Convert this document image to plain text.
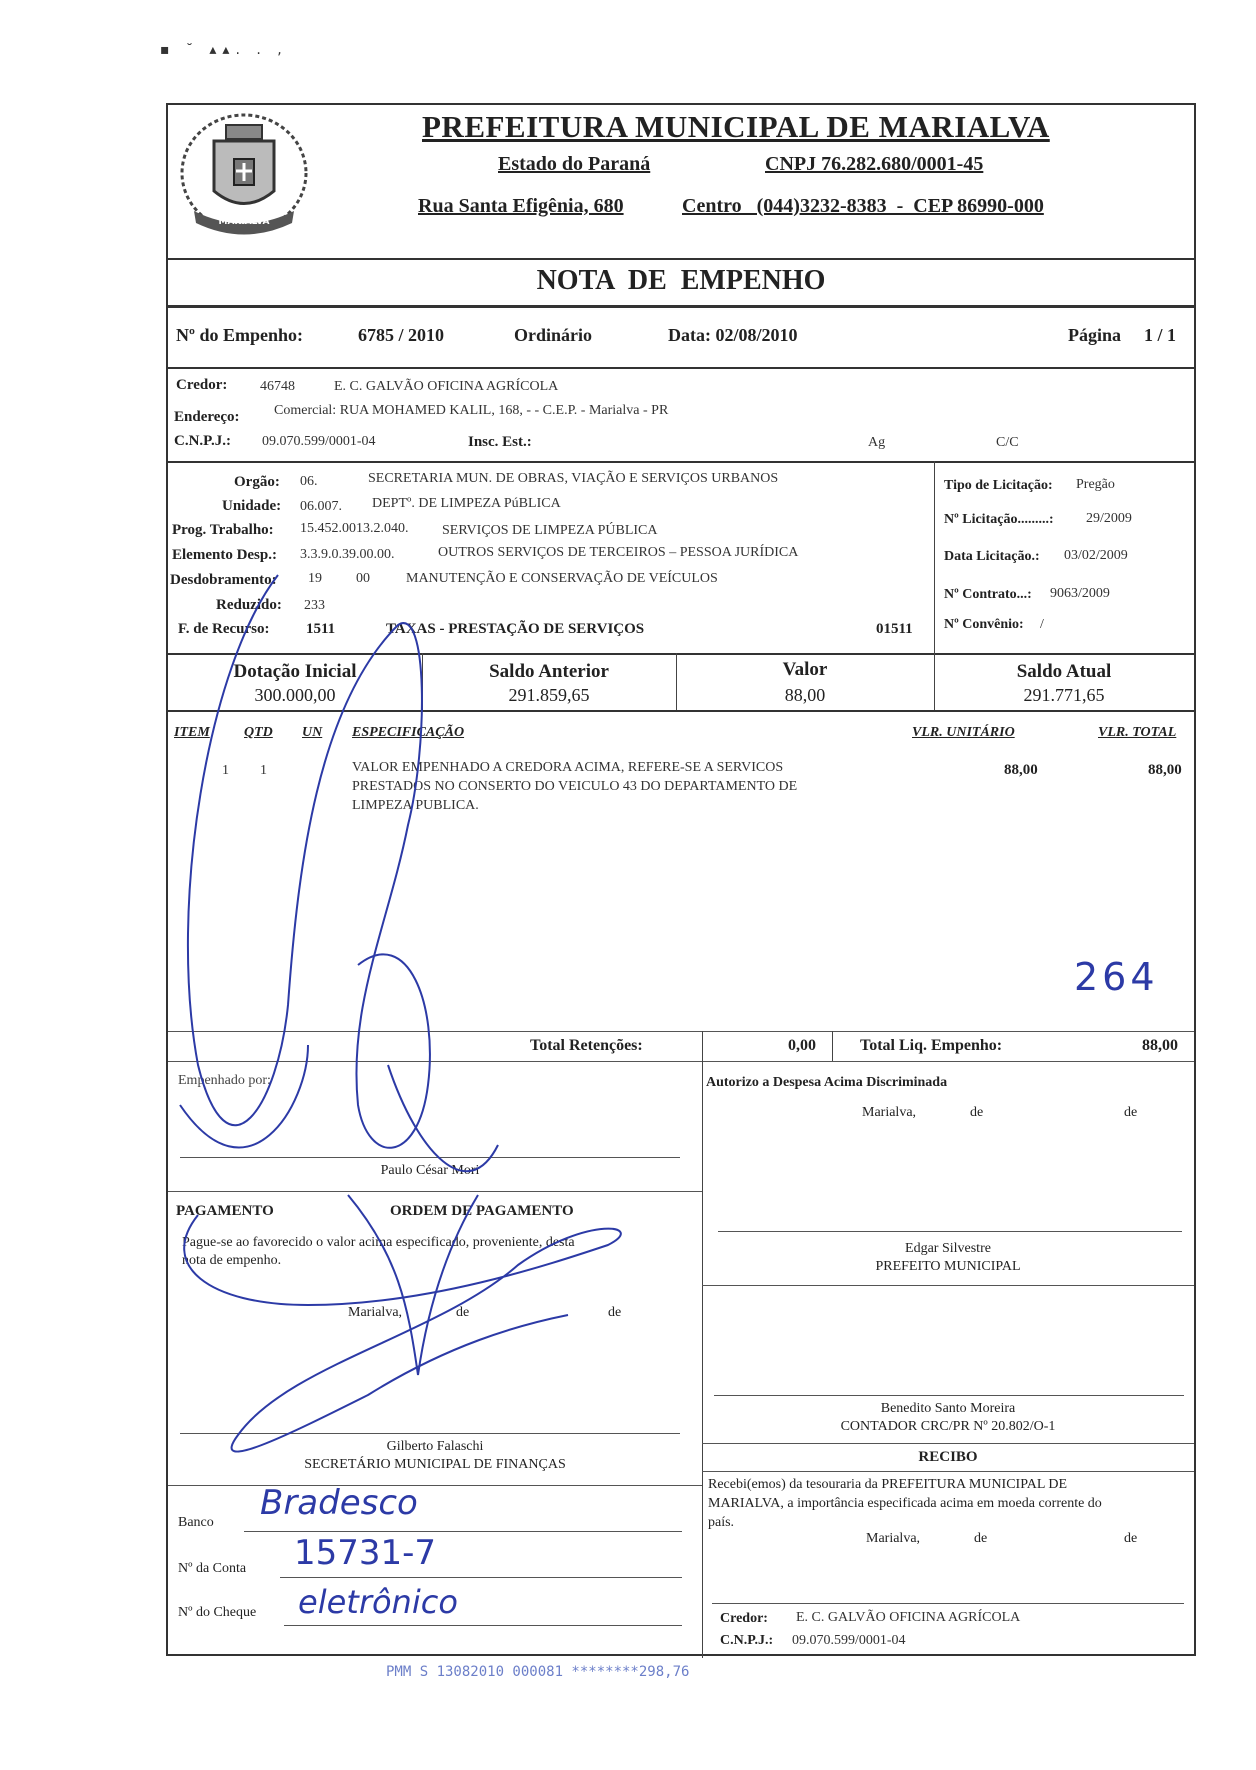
▪ ˘ ▴▴. . ,
MARIALVA
PREFEITURA MUNICIPAL DE MARIALVA
Estado do Paraná	CNPJ 76.282.680/0001-45
Rua Santa Efigênia, 680	Centro   (044)3232-8383  -  CEP 86990-000
NOTA  DE  EMPENHO
Nº do Empenho:	6785 / 2010	Ordinário	Data: 02/08/2010	Página 1 / 1
Credor: 46748	E. C. GALVÃO OFICINA AGRÍCOLA
Endereço: Comercial: RUA MOHAMED KALIL, 168, - - C.E.P. - Marialva - PR
C.N.P.J.: 09.070.599/0001-04	Insc. Est.:	Ag	C/C
Orgão: 06.	SECRETARIA MUN. DE OBRAS, VIAÇÃO E SERVIÇOS URBANOS
Unidade: 06.007. DEPTº. DE LIMPEZA PúBLICA
Prog. Trabalho: 15.452.0013.2.040. SERVIÇOS DE LIMPEZA PÚBLICA
Elemento Desp.: 3.3.9.0.39.00.00.	OUTROS SERVIÇOS DE TERCEIROS – PESSOA JURÍDICA
Desdobramento: 19 00	MANUTENÇÃO E CONSERVAÇÃO DE VEÍCULOS
Reduzido: 233
F. de Recurso: 1511	TAXAS - PRESTAÇÃO DE SERVIÇOS	01511
Tipo de Licitação: Pregão
Nº Licitação.........: 29/2009
Data Licitação.: 03/02/2009
Nº Contrato...: 9063/2009
Nº Convênio: /
Dotação Inicial
300.000,00
Saldo Anterior
291.859,65
Valor
88,00
Saldo Atual
291.771,65
ITEM QTD UN ESPECIFICAÇÃO	VLR. UNITÁRIO	VLR. TOTAL
1 1	VALOR EMPENHADO A CREDORA ACIMA, REFERE-SE A SERVICOS
PRESTADOS NO CONSERTO DO VEICULO 43 DO DEPARTAMENTO DE
LIMPEZA PUBLICA.
88,00	88,00
264
Total Retenções:	0,00	Total Liq. Empenho:	88,00
Empenhado por:
Paulo César Mori
PAGAMENTO	ORDEM DE PAGAMENTO
Pague-se ao favorecido o valor acima especificado, proveniente, desta
nota de empenho.
Marialva,	de	de
Gilberto Falaschi
SECRETÁRIO MUNICIPAL DE FINANÇAS
Banco Bradesco
Nº da Conta 15731-7
Nº do Cheque eletrônico
Autorizo a Despesa Acima Discriminada
Marialva,	de	de
Edgar Silvestre
PREFEITO MUNICIPAL
Benedito Santo Moreira
CONTADOR CRC/PR Nº 20.802/O-1
RECIBO
Recebi(emos) da tesouraria da PREFEITURA MUNICIPAL DE
MARIALVA, a importância especificada acima em moeda corrente do
país.
Marialva,	de	de
Credor: E. C. GALVÃO OFICINA AGRÍCOLA
C.N.P.J.: 09.070.599/0001-04
PMM S 13082010 000081 ********298,76
